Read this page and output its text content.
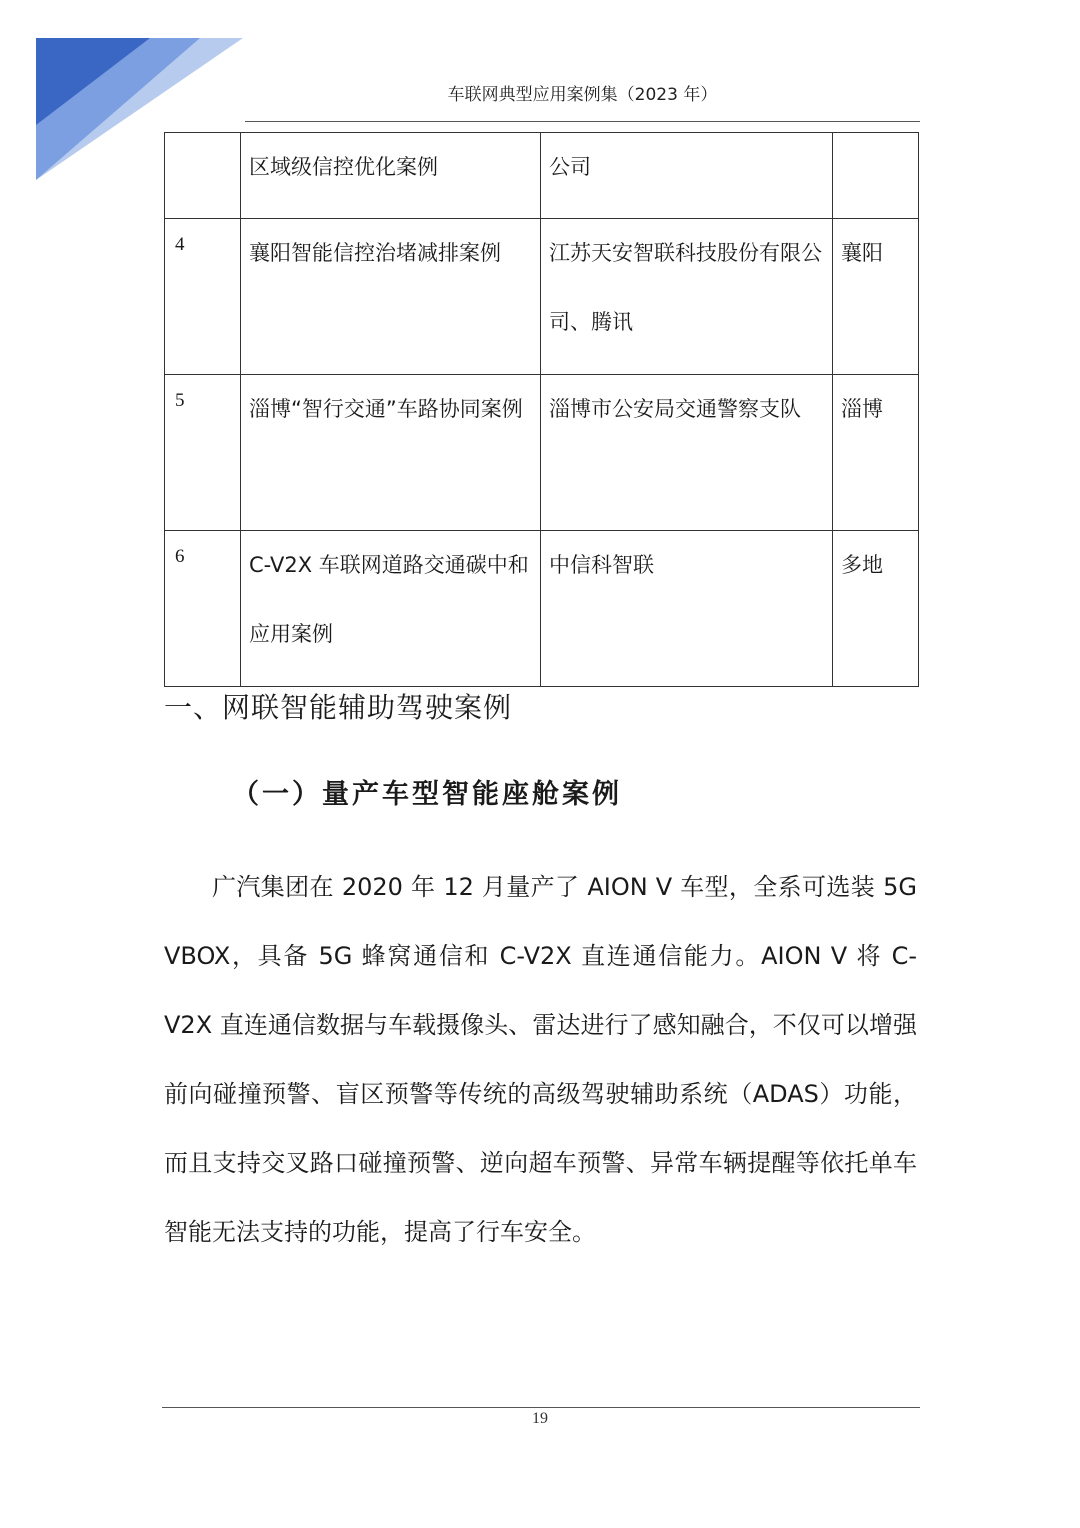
车联网典型应用案例集（2023 年）
	区域级信控优化案例	公司	
4	襄阳智能信控治堵减排案例	江苏天安智联科技股份有限公司、腾讯	襄阳
5	淄博“智行交通”车路协同案例	淄博市公安局交通警察支队	淄博
6	C-V2X 车联网道路交通碳中和应用案例	中信科智联	多地
一、网联智能辅助驾驶案例
（一）量产车型智能座舱案例

广汽集团在 2020 年 12 月量产了 AION V 车型，全系可选装 5G VBOX，具备 5G 蜂窝通信和 C-V2X 直连通信能力。AION V 将 C-V2X 直连通信数据与车载摄像头、雷达进行了感知融合，不仅可以增强前向碰撞预警、盲区预警等传统的高级驾驶辅助系统（ADAS）功能，而且支持交叉路口碰撞预警、逆向超车预警、异常车辆提醒等依托单车智能无法支持的功能，提高了行车安全。

19
